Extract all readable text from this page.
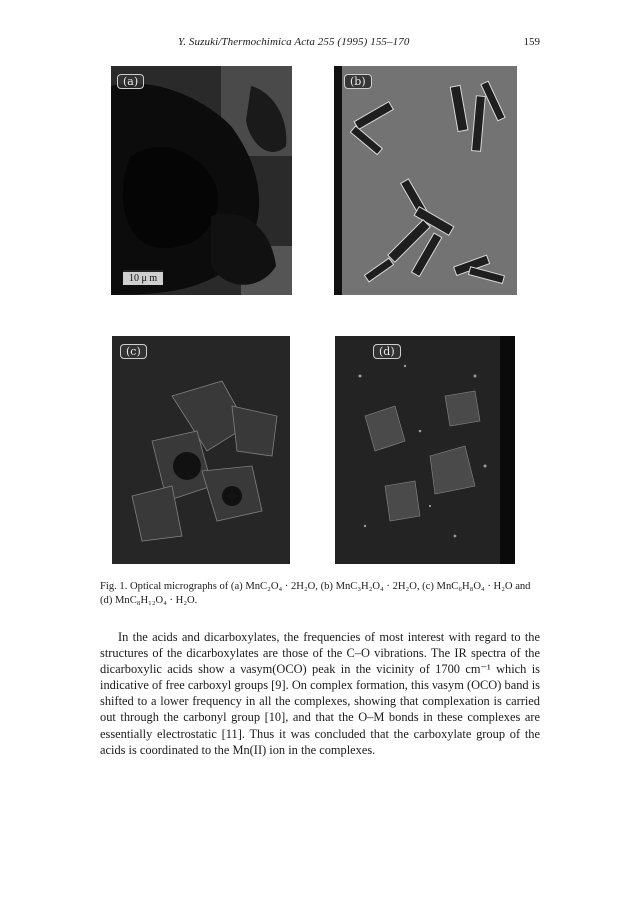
Y. Suzuki/Thermochimica Acta 255 (1995) 155–170	159
(a)
10 μ m
(b)
(c)	(d)

Fig. 1. Optical micrographs of (a) MnC₂O₄ · 2H₂O, (b) MnC₃H₂O₄ · 2H₂O, (c) MnC₆H₈O₄ · H₂O and (d) MnC₈H₁₂O₄ · H₂O.

In the acids and dicarboxylates, the frequencies of most interest with regard to the structures of the dicarboxylates are those of the C–O vibrations. The IR spectra of the dicarboxylic acids show a νasym(OCO) peak in the vicinity of 1700 cm⁻¹ which is indicative of free carboxyl groups [9]. On complex formation, this νasym (OCO) band is shifted to a lower frequency in all the complexes, showing that complexation is carried out through the carbonyl group [10], and that the O–M bonds in these complexes are essentially electrostatic [11]. Thus it was concluded that the carboxylate group of the acids is coordinated to the Mn(II) ion in the complexes.
